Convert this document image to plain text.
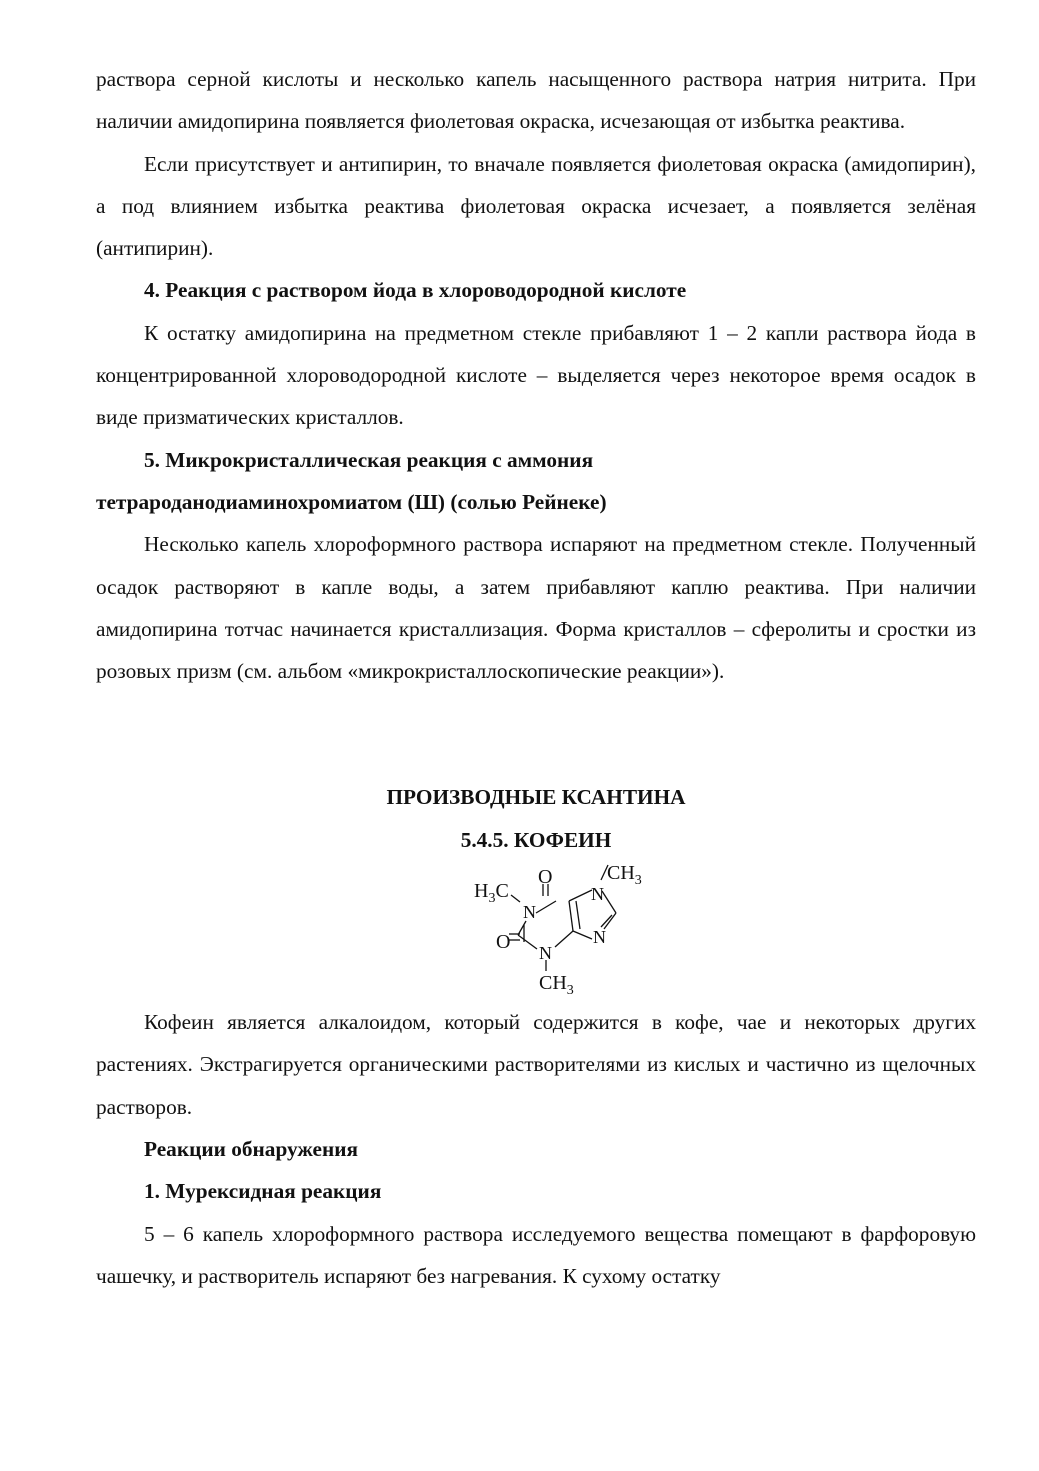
раствора серной кислоты и несколько капель насыщенного раствора натрия нитрита. При наличии амидопирина появляется фиолетовая окраска, исчезающая от избытка реактива.

Если присутствует и антипирин, то вначале появляется фиолетовая окраска (амидопирин), а под влиянием избытка реактива фиолетовая окраска исчезает, а появляется зелёная (антипирин).

4. Реакция с раствором йода в хлороводородной кислоте

К остатку амидопирина на предметном стекле прибавляют 1 – 2 капли раствора йода в концентрированной хлороводородной кислоте – выделяется через некоторое время осадок в виде призматических кристаллов.

5. Микрокристаллическая реакция с аммония

тетрароданодиаминохромиатом (Ш) (солью Рейнеке)

Несколько капель хлороформного раствора испаряют на предметном стекле. Полученный осадок растворяют в капле воды, а затем прибавляют каплю реактива. При наличии амидопирина тотчас начинается кристаллизация. Форма кристаллов – сферолиты и сростки из розовых призм (см. альбом «микрокристаллоскопические реакции»).

ПРОИЗВОДНЫЕ КСАНТИНА

5.4.5. КОФЕИН

$H_3C$
O	$CH_3$
N
N
O N
N
$CH_3$

Кофеин является алкалоидом, который содержится в кофе, чае и некоторых других растениях. Экстрагируется органическими растворителями из кислых и частично из щелочных растворов.

Реакции обнаружения

1. Мурексидная реакция

5 – 6 капель хлороформного раствора исследуемого вещества помещают в фарфоровую чашечку, и растворитель испаряют без нагревания. К сухому остатку
